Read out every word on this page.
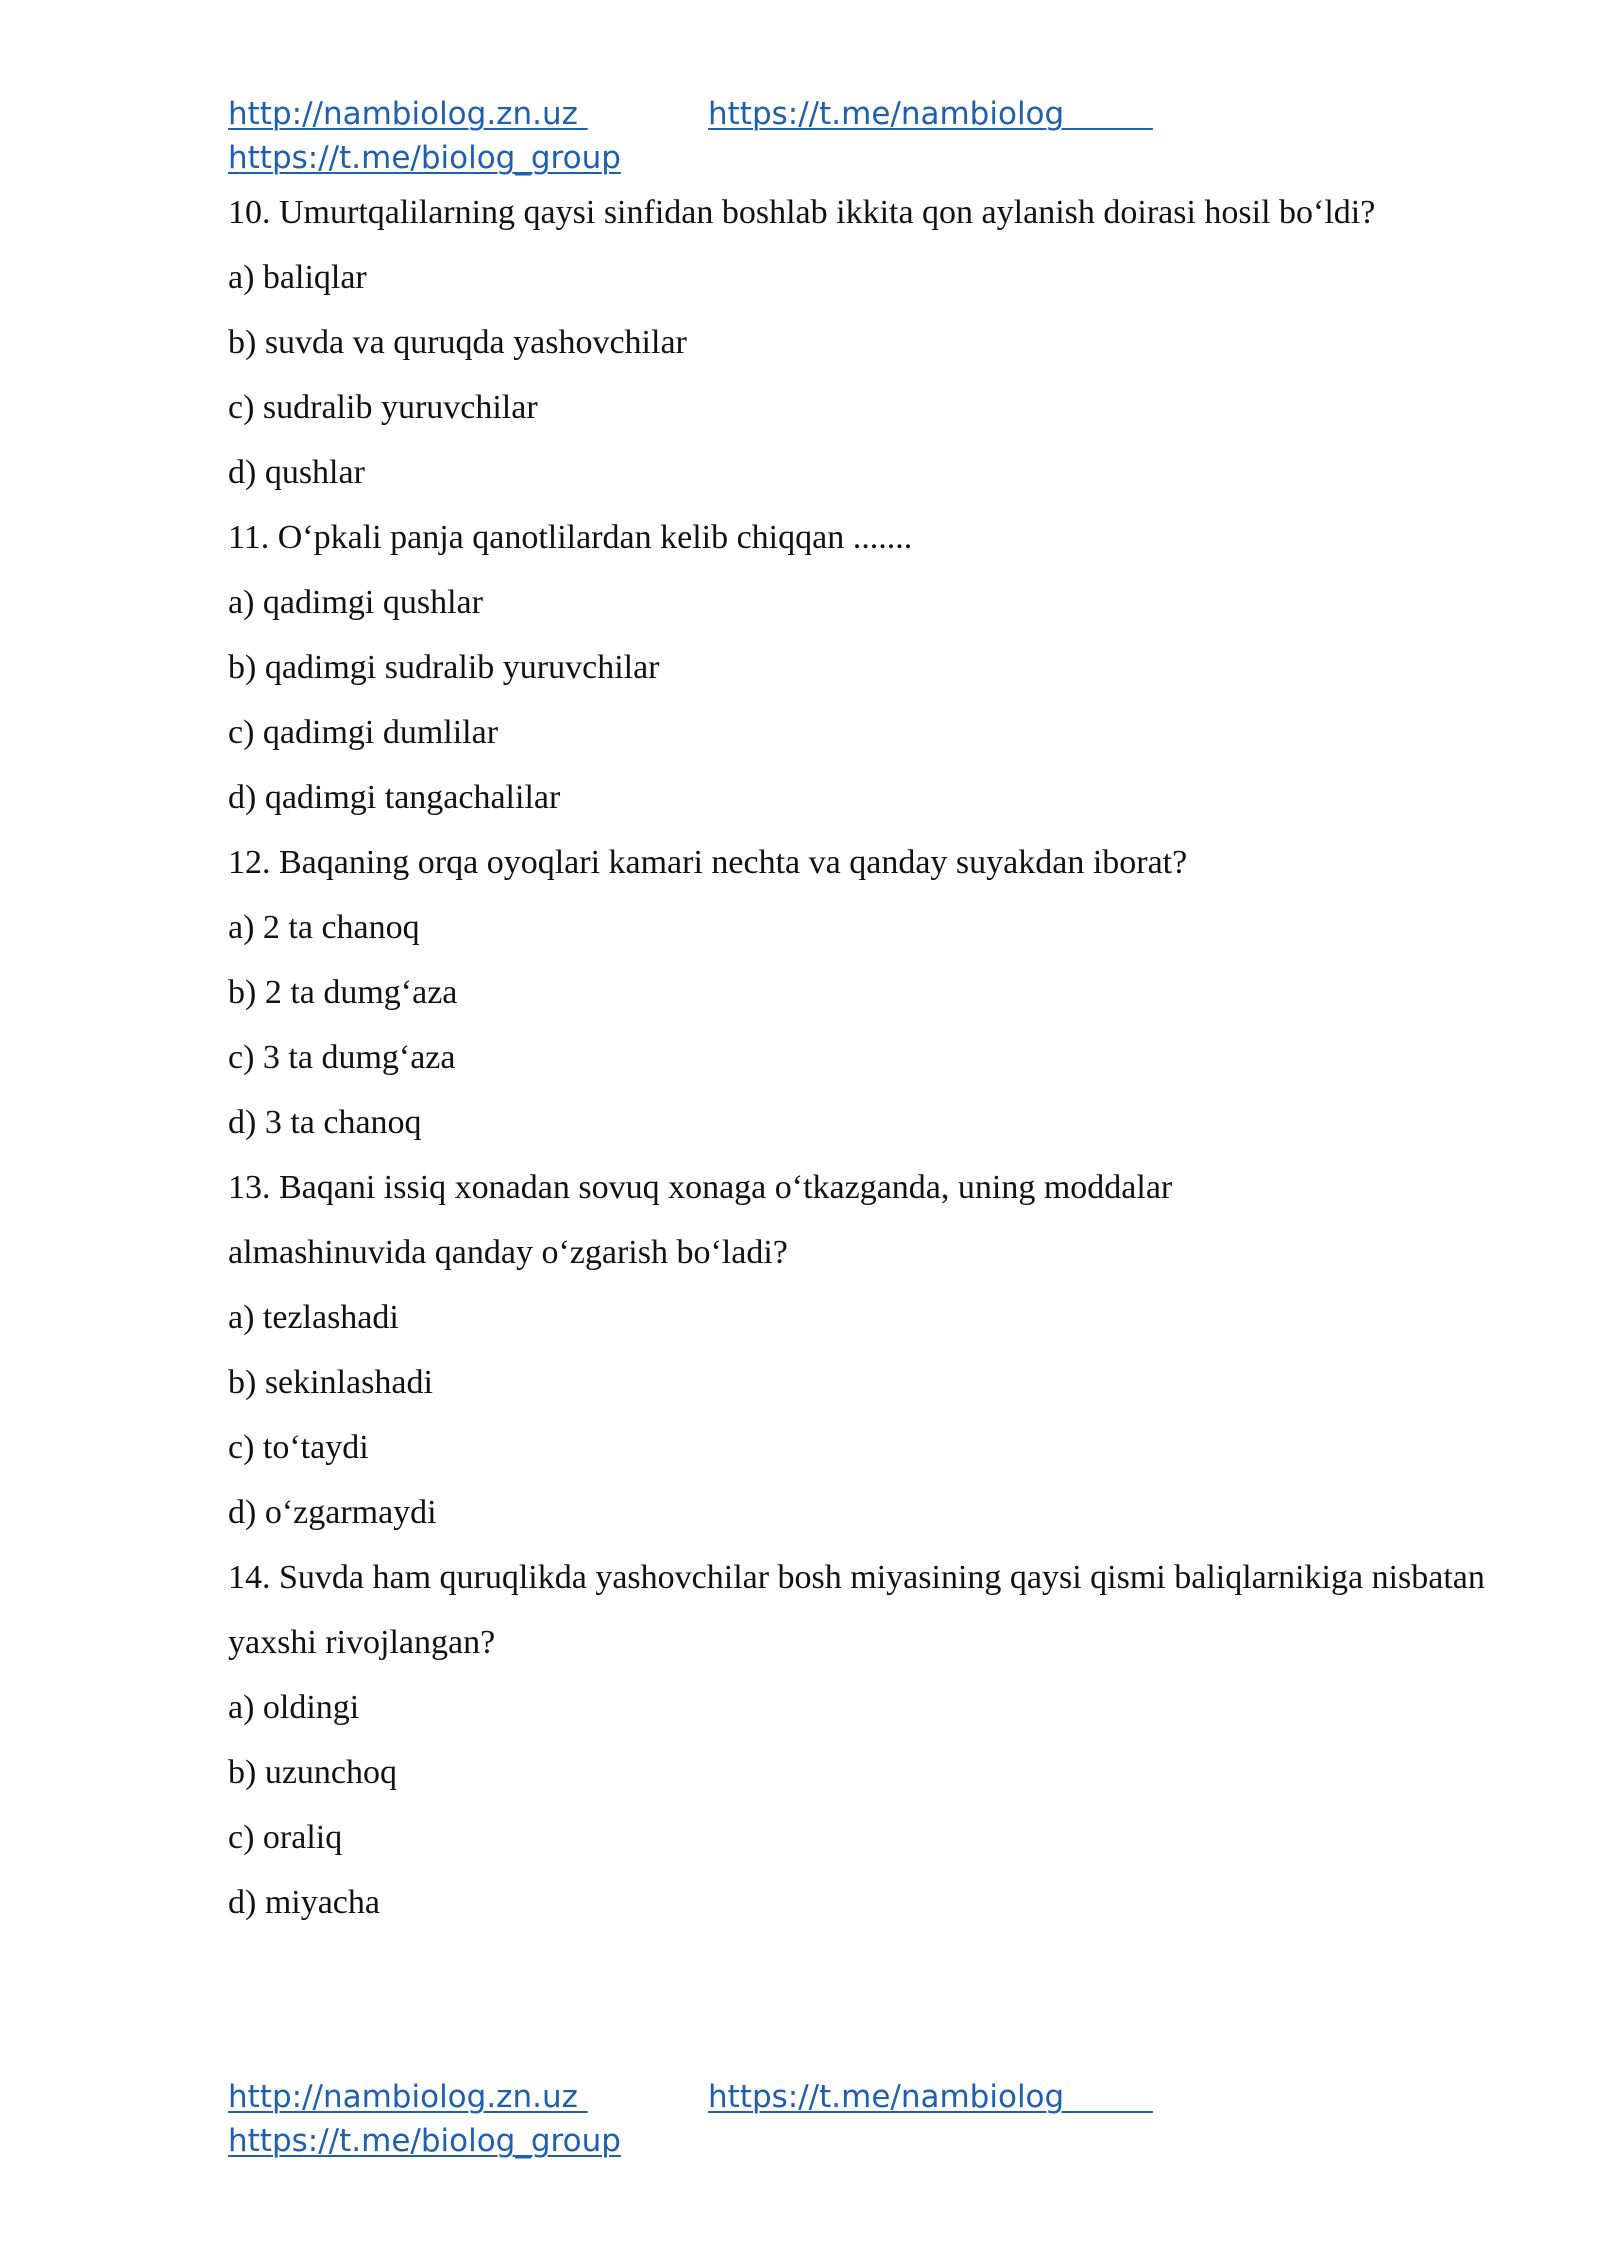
http://nambiolog.zn.uz	https://t.me/nambiolog
https://t.me/biolog_group
10. Umurtqalilarning qaysi sinfidan boshlab ikkita qon aylanish doirasi hosil bo‘ldi?
a) baliqlar
b) suvda va quruqda yashovchilar
c) sudralib yuruvchilar
d) qushlar
11. O‘pkali panja qanotlilardan kelib chiqqan .......
a) qadimgi qushlar
b) qadimgi sudralib yuruvchilar
c) qadimgi dumlilar
d) qadimgi tangachalilar
12. Baqaning orqa oyoqlari kamari nechta va qanday suyakdan iborat?
a) 2 ta chanoq
b) 2 ta dumg‘aza
c) 3 ta dumg‘aza
d) 3 ta chanoq
13. Baqani issiq xonadan sovuq xonaga o‘tkazganda, uning moddalar almashinuvida qanday o‘zgarish bo‘ladi?
a) tezlashadi
b) sekinlashadi
c) to‘taydi
d) o‘zgarmaydi
14. Suvda ham quruqlikda yashovchilar bosh miyasining qaysi qismi baliqlarnikiga nisbatan yaxshi rivojlangan?
a) oldingi
b) uzunchoq
c) oraliq
d) miyacha
http://nambiolog.zn.uz	https://t.me/nambiolog
https://t.me/biolog_group
